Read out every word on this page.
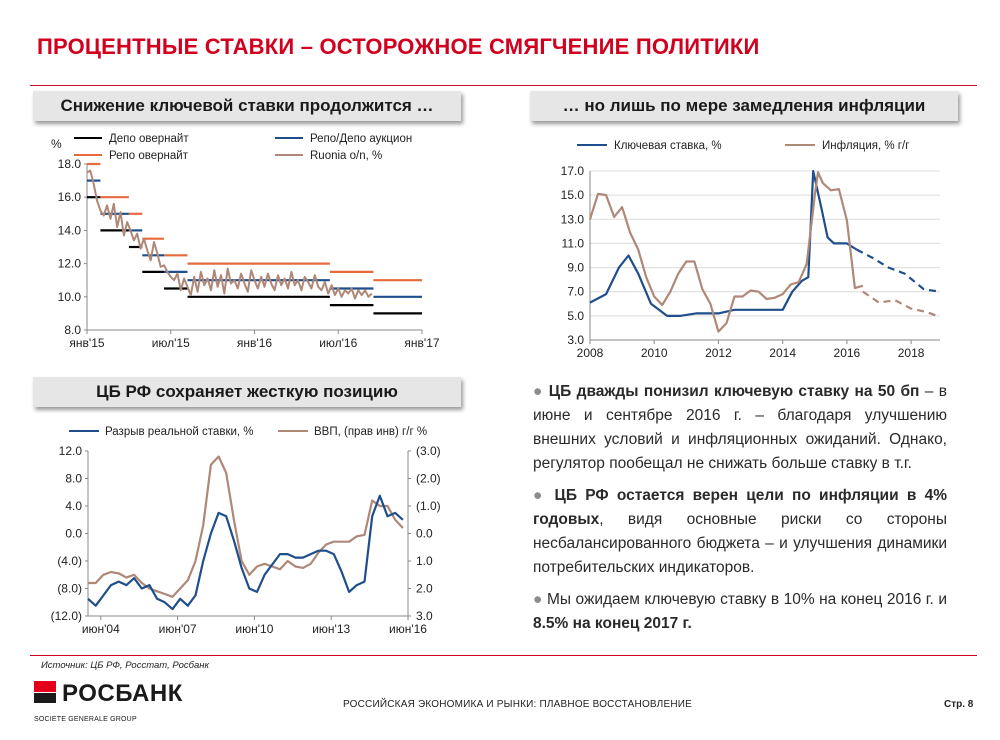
ПРОЦЕНТНЫЕ СТАВКИ – ОСТОРОЖНОЕ СМЯГЧЕНИЕ ПОЛИТИКИ
Снижение ключевой ставки продолжится …	… но лишь по мере замедления инфляции
ЦБ РФ сохраняет жесткую позицию
8.0
10.0
12.0
14.0
16.0
18.0
янв'15	июл'15	янв'16	июл'16	янв'17
%	Депо овернайт
Репо овернайт
Репо/Депо аукцион
Ruonia o/n, %
3.0
5.0
7.0
9.0
11.0
13.0
15.0
17.0
2008	2010	2012	2014	2016	2018
Ключевая ставка, %	Инфляция, % г/г
(12.0)
(8.0)
(4.0)
0.0
4.0
8.0
12.0	(3.0)
(2.0)
(1.0)
0.0
1.0
2.0
3.0
июн'04	июн'07	июн'10	июн'13	июн'16
Разрыв реальной ставки, %	ВВП, (прав инв) г/г %
● ЦБ дважды понизил ключевую ставку на 50 бп – в июне и сентябре 2016 г. – благодаря улучшению внешних условий и инфляционных ожиданий. Однако, регулятор пообещал не снижать больше ставку в т.г.
● ЦБ РФ остается верен цели по инфляции в 4% годовых, видя основные риски со стороны несбалансированного бюджета – и улучшения динамики потребительских индикаторов.
● Мы ожидаем ключевую ставку в 10% на конец 2016 г. и 8.5% на конец 2017 г.
Источник: ЦБ РФ, Росстат, Росбанк
РОСБАНК
SOCIETE GENERALE GROUP
РОССИЙСКАЯ ЭКОНОМИКА И РЫНКИ: ПЛАВНОЕ ВОССТАНОВЛЕНИЕ	Стр. 8
